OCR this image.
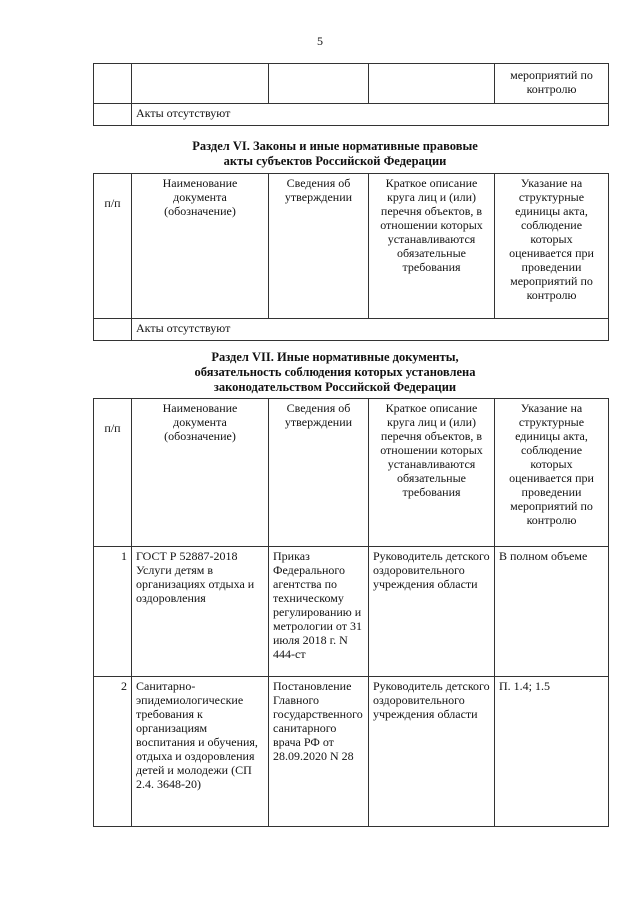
5
				мероприятий по контролю
	Акты отсутствуют			
Раздел VI. Законы и иные нормативные правовые акты субъектов Российской Федерации
п/п	Наименование документа (обозначение)	Сведения об утверждении	Краткое описание круга лиц и (или) перечня объектов, в отношении которых устанавливаются обязательные требования	Указание на структурные единицы акта, соблюдение которых оценивается при проведении мероприятий по контролю
	Акты отсутствуют			
Раздел VII. Иные нормативные документы, обязательность соблюдения которых установлена законодательством Российской Федерации
п/п	Наименование документа (обозначение)	Сведения об утверждении	Краткое описание круга лиц и (или) перечня объектов, в отношении которых устанавливаются обязательные требования	Указание на структурные единицы акта, соблюдение которых оценивается при проведении мероприятий по контролю
1	ГОСТ Р 52887-2018 Услуги детям в организациях отдыха и оздоровления	Приказ Федерального агентства по техническому регулированию и метрологии от 31 июля 2018 г. N 444-ст	Руководитель детского оздоровительного учреждения области	В полном объеме
2	Санитарно-эпидемиологические требования к организациям воспитания и обучения, отдыха и оздоровления детей и молодежи (СП 2.4. 3648-20)	Постановление Главного государственного санитарного врача РФ от 28.09.2020 N 28	Руководитель детского оздоровительного учреждения области	П. 1.4; 1.5
